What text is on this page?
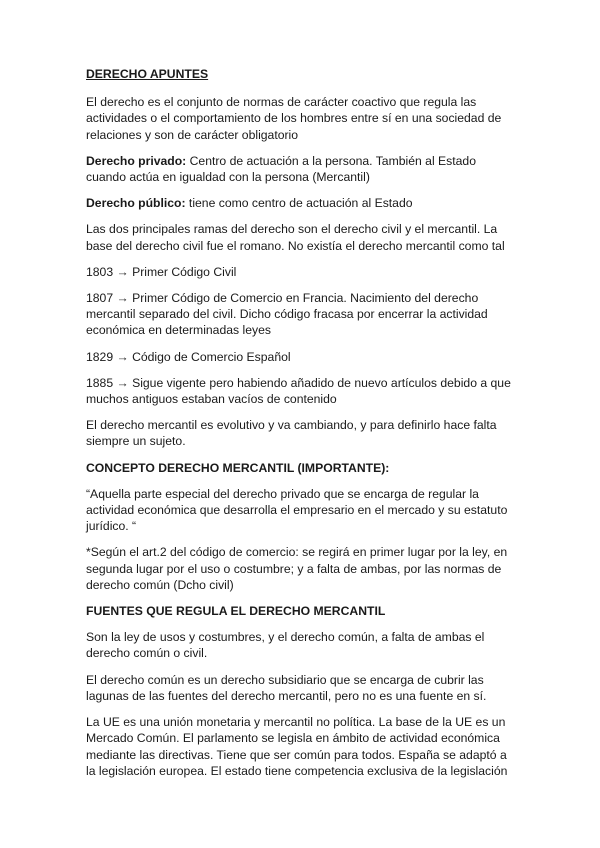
DERECHO APUNTES

El derecho es el conjunto de normas de carácter coactivo que regula las actividades o el comportamiento de los hombres entre sí en una sociedad de relaciones y son de carácter obligatorio

Derecho privado: Centro de actuación a la persona. También al Estado cuando actúa en igualdad con la persona (Mercantil)

Derecho público: tiene como centro de actuación al Estado

Las dos principales ramas del derecho son el derecho civil y el mercantil. La base del derecho civil fue el romano. No existía el derecho mercantil como tal

1803 → Primer Código Civil

1807 → Primer Código de Comercio en Francia. Nacimiento del derecho mercantil separado del civil. Dicho código fracasa por encerrar la actividad económica en determinadas leyes

1829 → Código de Comercio Español

1885 → Sigue vigente pero habiendo añadido de nuevo artículos debido a que muchos antiguos estaban vacíos de contenido

El derecho mercantil es evolutivo y va cambiando, y para definirlo hace falta siempre un sujeto.

CONCEPTO DERECHO MERCANTIL (IMPORTANTE):

“Aquella parte especial del derecho privado que se encarga de regular la actividad económica que desarrolla el empresario en el mercado y su estatuto jurídico. “

*Según el art.2 del código de comercio: se regirá en primer lugar por la ley, en segunda lugar por el uso o costumbre; y a falta de ambas, por las normas de derecho común (Dcho civil)

FUENTES QUE REGULA EL DERECHO MERCANTIL

Son la ley de usos y costumbres, y el derecho común, a falta de ambas el derecho común o civil.

El derecho común es un derecho subsidiario que se encarga de cubrir las lagunas de las fuentes del derecho mercantil, pero no es una fuente en sí.

La UE es una unión monetaria y mercantil no política. La base de la UE es un Mercado Común. El parlamento se legisla en ámbito de actividad económica mediante las directivas. Tiene que ser común para todos. España se adaptó a la legislación europea. El estado tiene competencia exclusiva de la legislación
